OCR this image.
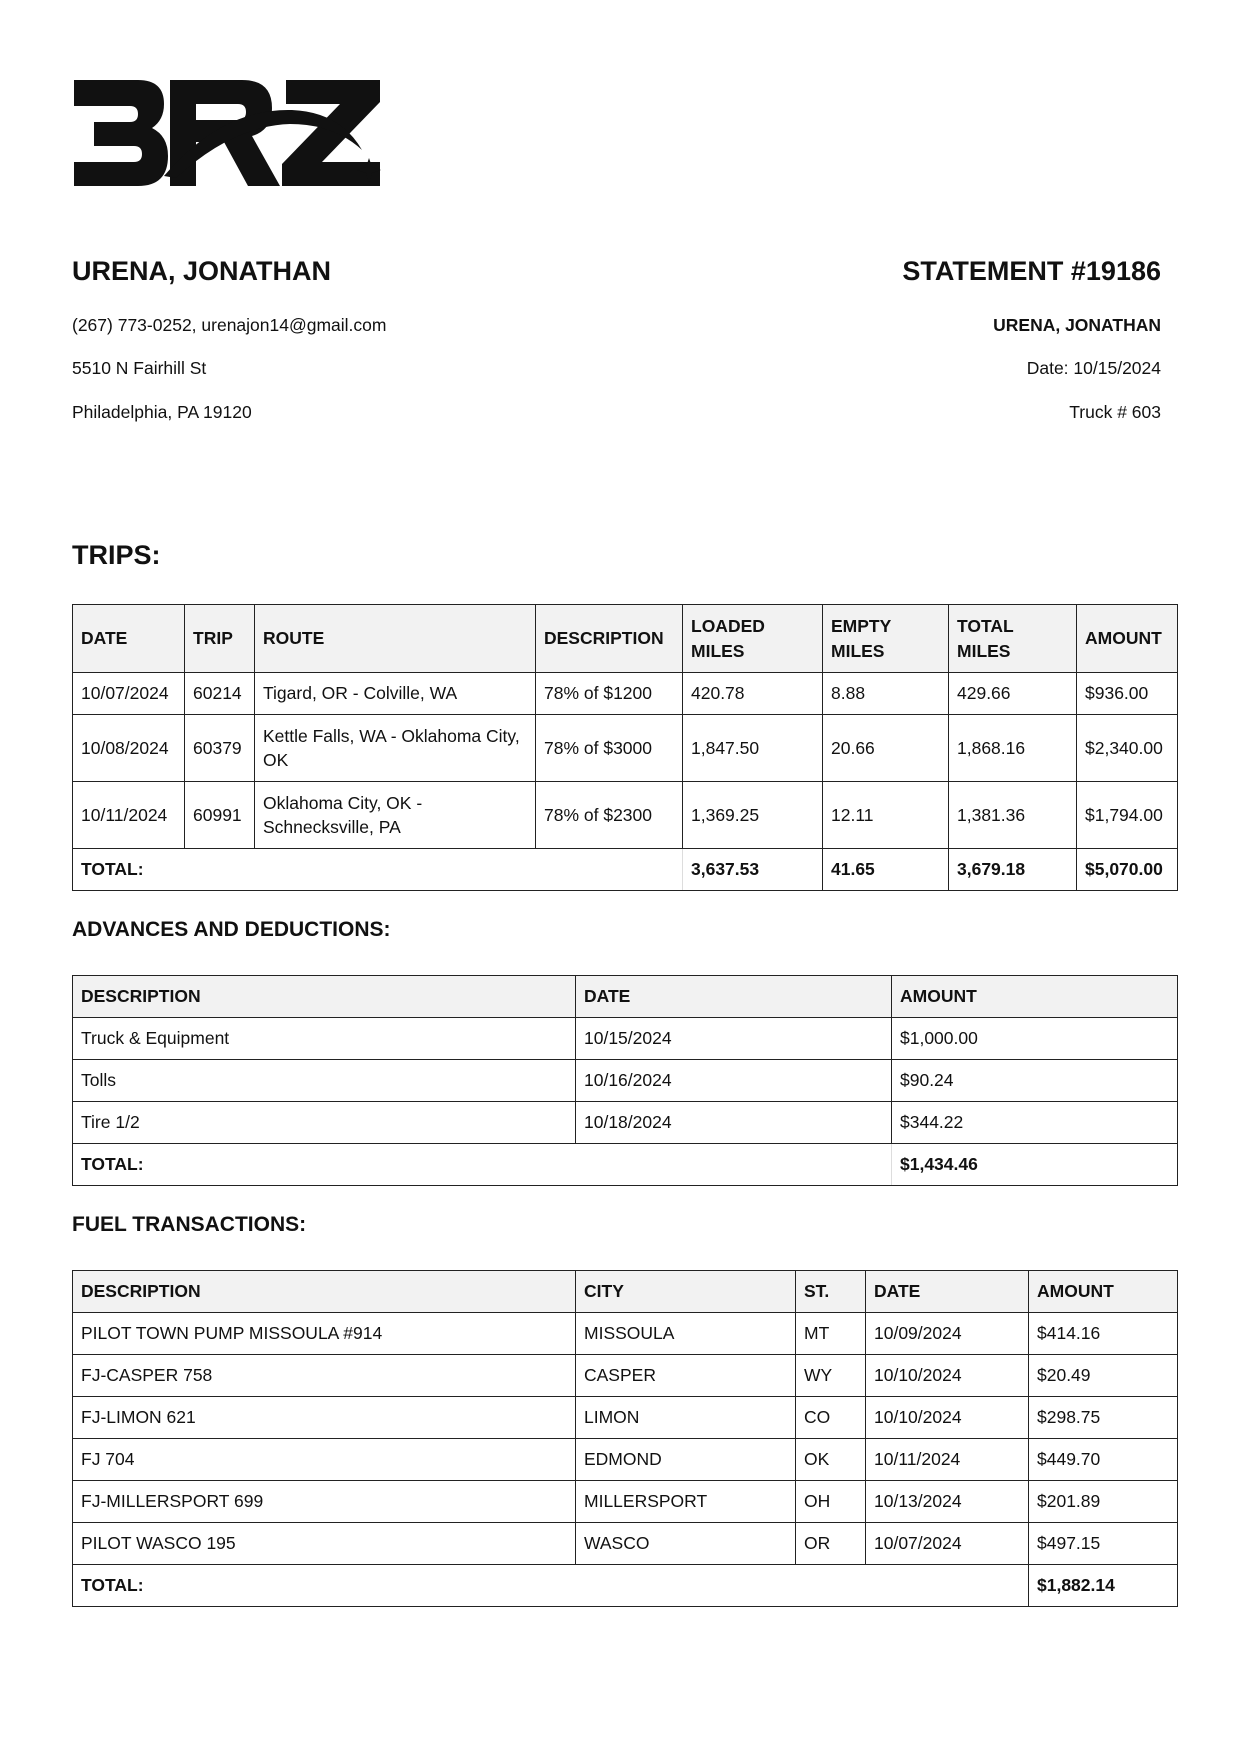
URENA, JONATHAN

(267) 773-0252, urenajon14@gmail.com

5510 N Fairhill St

Philadelphia, PA 19120

STATEMENT #19186

URENA, JONATHAN

Date: 10/15/2024

Truck # 603

TRIPS:
DATE	TRIP	ROUTE	DESCRIPTION	LOADED MILES	EMPTY MILES	TOTAL MILES	AMOUNT
10/07/2024	60214	Tigard, OR - Colville, WA	78% of $1200	420.78	8.88	429.66	$936.00
10/08/2024	60379	Kettle Falls, WA - Oklahoma City, OK	78% of $3000	1,847.50	20.66	1,868.16	$2,340.00
10/11/2024	60991	Oklahoma City, OK - Schnecksville, PA	78% of $2300	1,369.25	12.11	1,381.36	$1,794.00
TOTAL:				3,637.53	41.65	3,679.18	$5,070.00
ADVANCES AND DEDUCTIONS:
DESCRIPTION	DATE	AMOUNT
Truck & Equipment	10/15/2024	$1,000.00
Tolls	10/16/2024	$90.24
Tire 1/2	10/18/2024	$344.22
TOTAL:		$1,434.46
FUEL TRANSACTIONS:
DESCRIPTION	CITY	ST.	DATE	AMOUNT
PILOT TOWN PUMP MISSOULA #914	MISSOULA	MT	10/09/2024	$414.16
FJ-CASPER 758	CASPER	WY	10/10/2024	$20.49
FJ-LIMON 621	LIMON	CO	10/10/2024	$298.75
FJ 704	EDMOND	OK	10/11/2024	$449.70
FJ-MILLERSPORT 699	MILLERSPORT	OH	10/13/2024	$201.89
PILOT WASCO 195	WASCO	OR	10/07/2024	$497.15
TOTAL:				$1,882.14
